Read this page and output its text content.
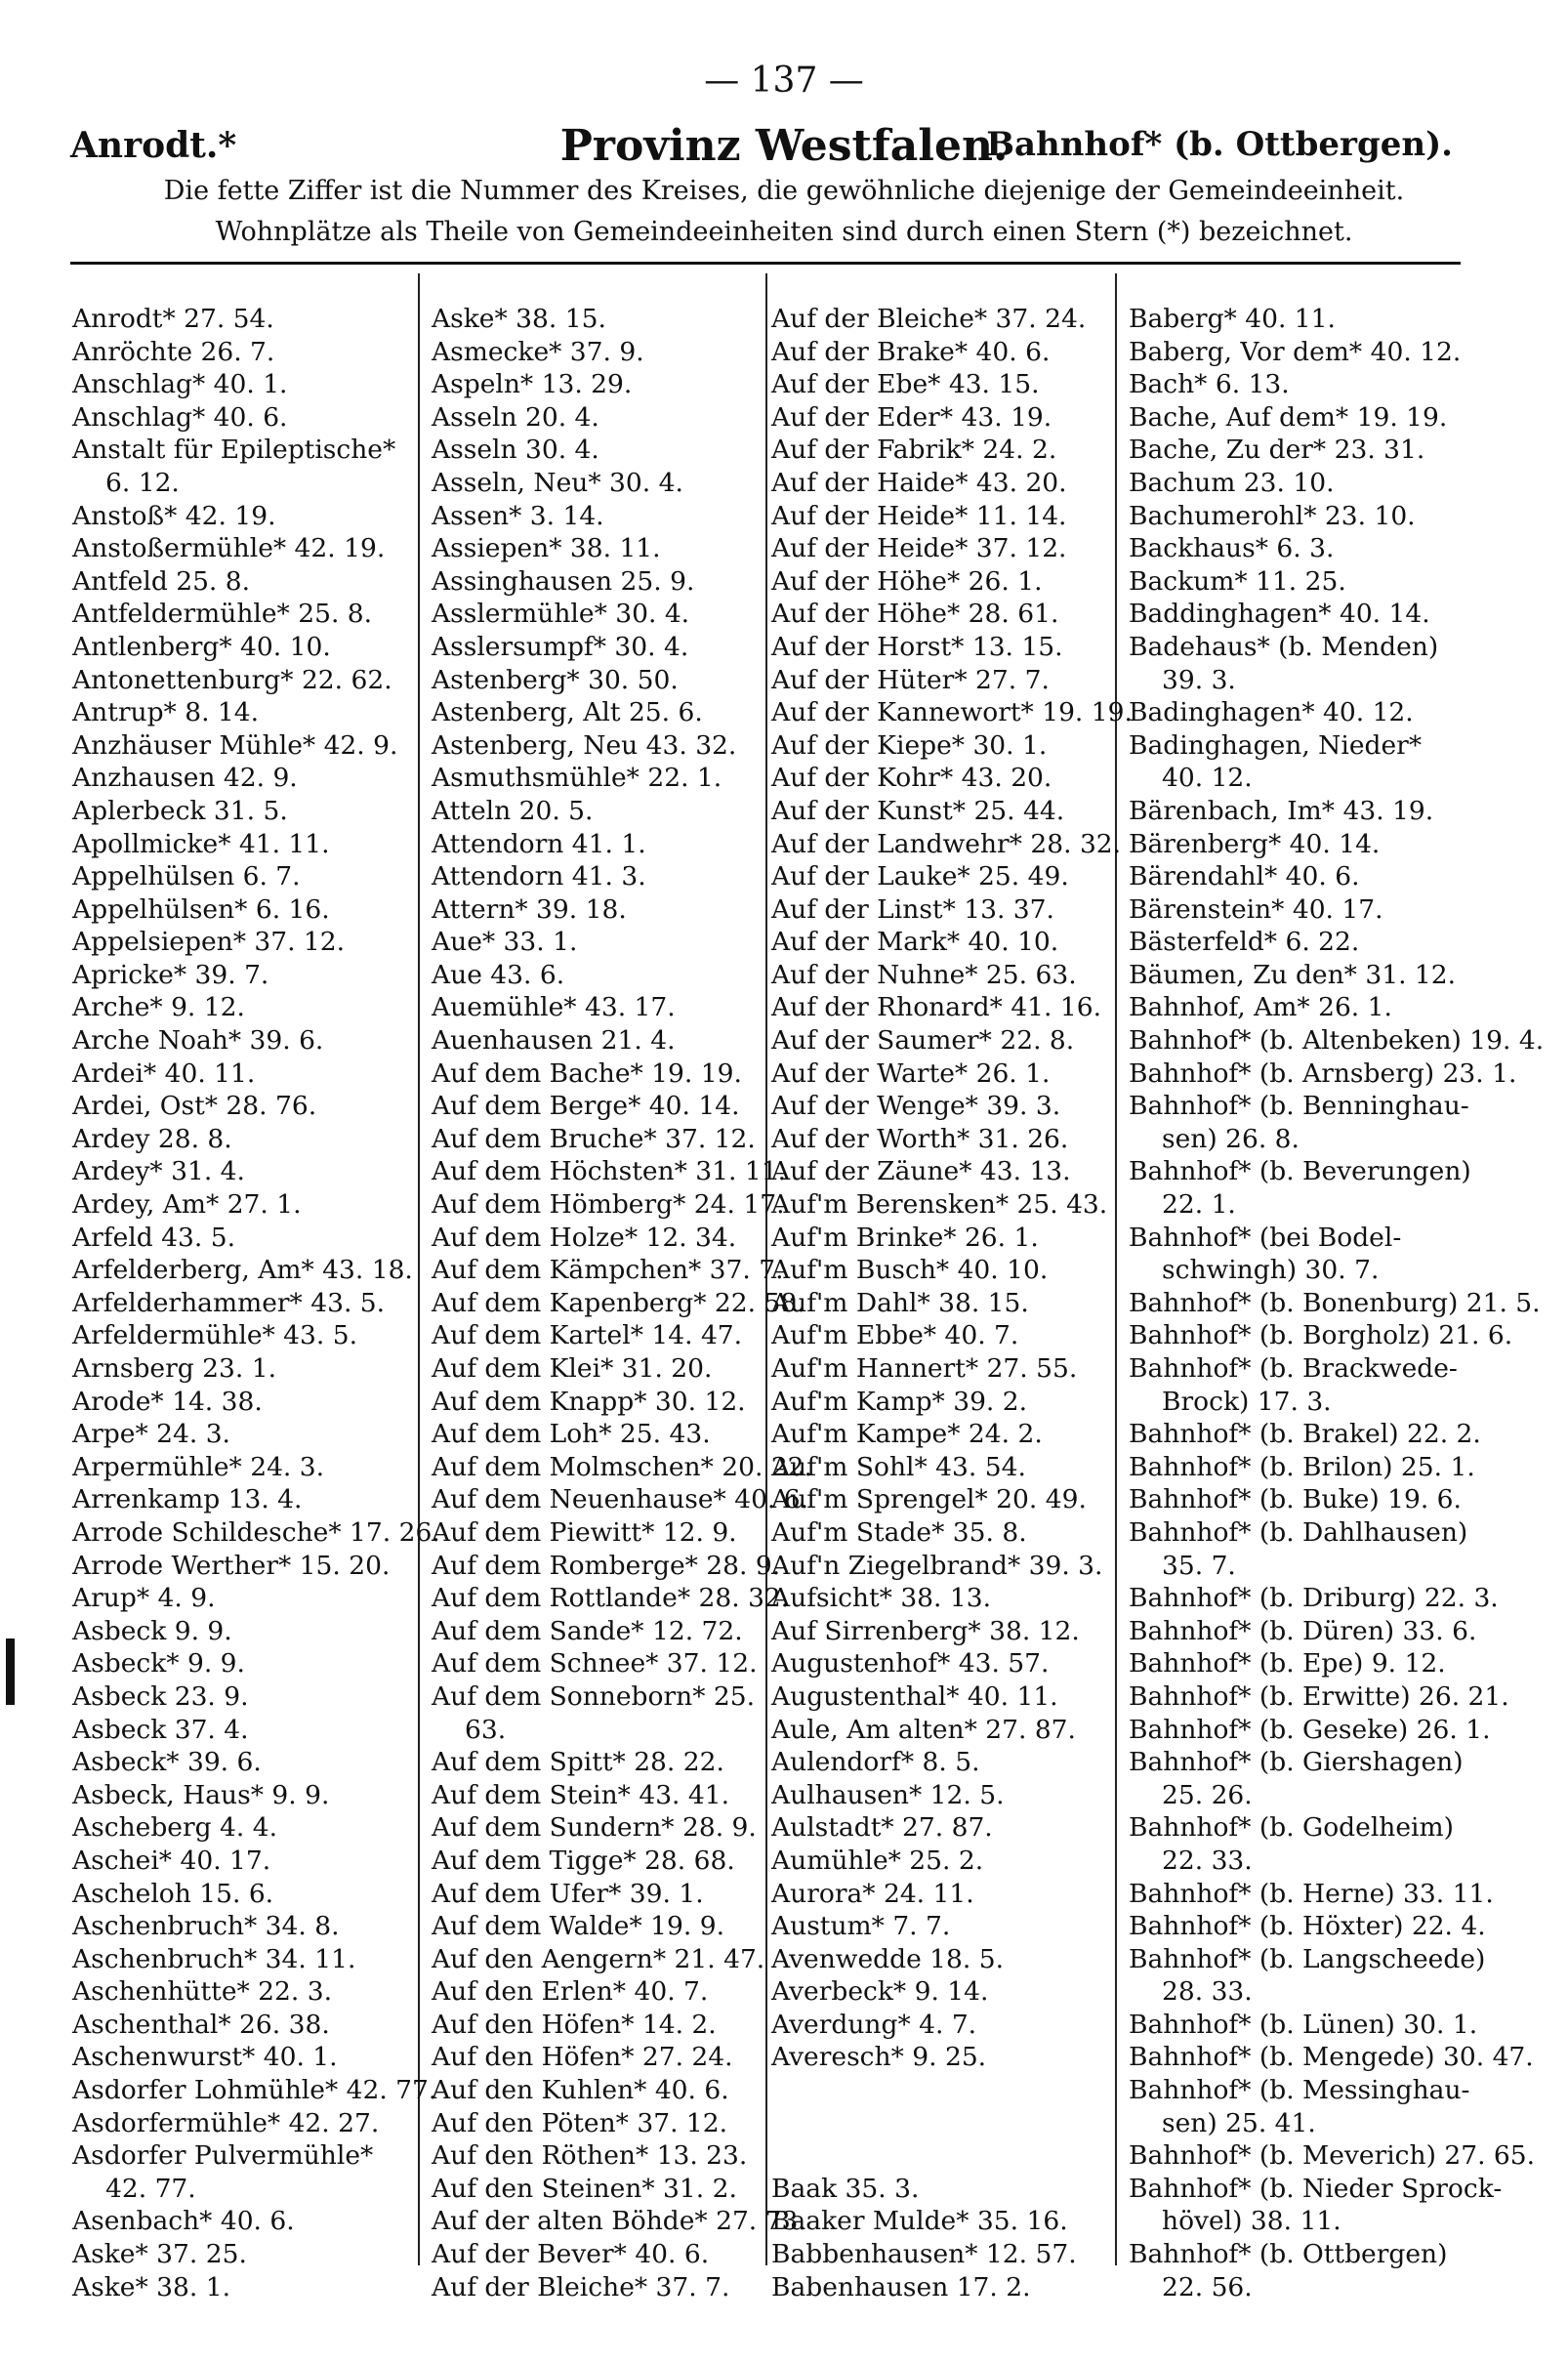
— 137 —
Anrodt.*	Provinz Westfalen.
Bahnhof* (b. Ottbergen).
Die fette Ziffer ist die Nummer des Kreises, die gewöhnliche diejenige der Gemeindeeinheit.
Wohnplätze als Theile von Gemeindeeinheiten sind durch einen Stern (*) bezeichnet.
Anrodt* 27. 54.
Anröchte 26. 7.
Anschlag* 40. 1.
Anschlag* 40. 6.
Anstalt für Epileptische*
6. 12.
Anstoß* 42. 19.
Anstoßermühle* 42. 19.
Antfeld 25. 8.
Antfeldermühle* 25. 8.
Antlenberg* 40. 10.
Antonettenburg* 22. 62.
Antrup* 8. 14.
Anzhäuser Mühle* 42. 9.
Anzhausen 42. 9.
Aplerbeck 31. 5.
Apollmicke* 41. 11.
Appelhülsen 6. 7.
Appelhülsen* 6. 16.
Appelsiepen* 37. 12.
Apricke* 39. 7.
Arche* 9. 12.
Arche Noah* 39. 6.
Ardei* 40. 11.
Ardei, Ost* 28. 76.
Ardey 28. 8.
Ardey* 31. 4.
Ardey, Am* 27. 1.
Arfeld 43. 5.
Arfelderberg, Am* 43. 18.
Arfelderhammer* 43. 5.
Arfeldermühle* 43. 5.
Arnsberg 23. 1.
Arode* 14. 38.
Arpe* 24. 3.
Arpermühle* 24. 3.
Arrenkamp 13. 4.
Arrode Schildesche* 17. 26.
Arrode Werther* 15. 20.
Arup* 4. 9.
Asbeck 9. 9.
Asbeck* 9. 9.
Asbeck 23. 9.
Asbeck 37. 4.
Asbeck* 39. 6.
Asbeck, Haus* 9. 9.
Ascheberg 4. 4.
Aschei* 40. 17.
Ascheloh 15. 6.
Aschenbruch* 34. 8.
Aschenbruch* 34. 11.
Aschenhütte* 22. 3.
Aschenthal* 26. 38.
Aschenwurst* 40. 1.
Asdorfer Lohmühle* 42. 77.
Asdorfermühle* 42. 27.
Asdorfer Pulvermühle*
42. 77.
Asenbach* 40. 6.
Aske* 37. 25.
Aske* 38. 1.
Aske* 38. 15.
Asmecke* 37. 9.
Aspeln* 13. 29.
Asseln 20. 4.
Asseln 30. 4.
Asseln, Neu* 30. 4.
Assen* 3. 14.
Assiepen* 38. 11.
Assinghausen 25. 9.
Asslermühle* 30. 4.
Asslersumpf* 30. 4.
Astenberg* 30. 50.
Astenberg, Alt 25. 6.
Astenberg, Neu 43. 32.
Asmuthsmühle* 22. 1.
Atteln 20. 5.
Attendorn 41. 1.
Attendorn 41. 3.
Attern* 39. 18.
Aue* 33. 1.
Aue 43. 6.
Auemühle* 43. 17.
Auenhausen 21. 4.
Auf dem Bache* 19. 19.
Auf dem Berge* 40. 14.
Auf dem Bruche* 37. 12.
Auf dem Höchsten* 31. 11.
Auf dem Hömberg* 24. 17.
Auf dem Holze* 12. 34.
Auf dem Kämpchen* 37. 7.
Auf dem Kapenberg* 22. 58.
Auf dem Kartel* 14. 47.
Auf dem Klei* 31. 20.
Auf dem Knapp* 30. 12.
Auf dem Loh* 25. 43.
Auf dem Molmschen* 20. 22.
Auf dem Neuenhause* 40. 6.
Auf dem Piewitt* 12. 9.
Auf dem Romberge* 28. 9.
Auf dem Rottlande* 28. 32.
Auf dem Sande* 12. 72.
Auf dem Schnee* 37. 12.
Auf dem Sonneborn* 25.
63.
Auf dem Spitt* 28. 22.
Auf dem Stein* 43. 41.
Auf dem Sundern* 28. 9.
Auf dem Tigge* 28. 68.
Auf dem Ufer* 39. 1.
Auf dem Walde* 19. 9.
Auf den Aengern* 21. 47.
Auf den Erlen* 40. 7.
Auf den Höfen* 14. 2.
Auf den Höfen* 27. 24.
Auf den Kuhlen* 40. 6.
Auf den Pöten* 37. 12.
Auf den Röthen* 13. 23.
Auf den Steinen* 31. 2.
Auf der alten Böhde* 27. 73.
Auf der Bever* 40. 6.
Auf der Bleiche* 37. 7.
Auf der Bleiche* 37. 24.
Auf der Brake* 40. 6.
Auf der Ebe* 43. 15.
Auf der Eder* 43. 19.
Auf der Fabrik* 24. 2.
Auf der Haide* 43. 20.
Auf der Heide* 11. 14.
Auf der Heide* 37. 12.
Auf der Höhe* 26. 1.
Auf der Höhe* 28. 61.
Auf der Horst* 13. 15.
Auf der Hüter* 27. 7.
Auf der Kannewort* 19. 19.
Auf der Kiepe* 30. 1.
Auf der Kohr* 43. 20.
Auf der Kunst* 25. 44.
Auf der Landwehr* 28. 32.
Auf der Lauke* 25. 49.
Auf der Linst* 13. 37.
Auf der Mark* 40. 10.
Auf der Nuhne* 25. 63.
Auf der Rhonard* 41. 16.
Auf der Saumer* 22. 8.
Auf der Warte* 26. 1.
Auf der Wenge* 39. 3.
Auf der Worth* 31. 26.
Auf der Zäune* 43. 13.
Auf'm Berensken* 25. 43.
Auf'm Brinke* 26. 1.
Auf'm Busch* 40. 10.
Auf'm Dahl* 38. 15.
Auf'm Ebbe* 40. 7.
Auf'm Hannert* 27. 55.
Auf'm Kamp* 39. 2.
Auf'm Kampe* 24. 2.
Auf'm Sohl* 43. 54.
Auf'm Sprengel* 20. 49.
Auf'm Stade* 35. 8.
Auf'n Ziegelbrand* 39. 3.
Aufsicht* 38. 13.
Auf Sirrenberg* 38. 12.
Augustenhof* 43. 57.
Augustenthal* 40. 11.
Aule, Am alten* 27. 87.
Aulendorf* 8. 5.
Aulhausen* 12. 5.
Aulstadt* 27. 87.
Aumühle* 25. 2.
Aurora* 24. 11.
Austum* 7. 7.
Avenwedde 18. 5.
Averbeck* 9. 14.
Averdung* 4. 7.
Averesch* 9. 25.
Baak 35. 3.
Baaker Mulde* 35. 16.
Babbenhausen* 12. 57.
Babenhausen 17. 2.
Baberg* 40. 11.
Baberg, Vor dem* 40. 12.
Bach* 6. 13.
Bache, Auf dem* 19. 19.
Bache, Zu der* 23. 31.
Bachum 23. 10.
Bachumerohl* 23. 10.
Backhaus* 6. 3.
Backum* 11. 25.
Baddinghagen* 40. 14.
Badehaus* (b. Menden)
39. 3.
Badinghagen* 40. 12.
Badinghagen, Nieder*
40. 12.
Bärenbach, Im* 43. 19.
Bärenberg* 40. 14.
Bärendahl* 40. 6.
Bärenstein* 40. 17.
Bästerfeld* 6. 22.
Bäumen, Zu den* 31. 12.
Bahnhof, Am* 26. 1.
Bahnhof* (b. Altenbeken) 19. 4.
Bahnhof* (b. Arnsberg) 23. 1.
Bahnhof* (b. Benninghau-
sen) 26. 8.
Bahnhof* (b. Beverungen)
22. 1.
Bahnhof* (bei Bodel-
schwingh) 30. 7.
Bahnhof* (b. Bonenburg) 21. 5.
Bahnhof* (b. Borgholz) 21. 6.
Bahnhof* (b. Brackwede-
Brock) 17. 3.
Bahnhof* (b. Brakel) 22. 2.
Bahnhof* (b. Brilon) 25. 1.
Bahnhof* (b. Buke) 19. 6.
Bahnhof* (b. Dahlhausen)
35. 7.
Bahnhof* (b. Driburg) 22. 3.
Bahnhof* (b. Düren) 33. 6.
Bahnhof* (b. Epe) 9. 12.
Bahnhof* (b. Erwitte) 26. 21.
Bahnhof* (b. Geseke) 26. 1.
Bahnhof* (b. Giershagen)
25. 26.
Bahnhof* (b. Godelheim)
22. 33.
Bahnhof* (b. Herne) 33. 11.
Bahnhof* (b. Höxter) 22. 4.
Bahnhof* (b. Langscheede)
28. 33.
Bahnhof* (b. Lünen) 30. 1.
Bahnhof* (b. Mengede) 30. 47.
Bahnhof* (b. Messinghau-
sen) 25. 41.
Bahnhof* (b. Meverich) 27. 65.
Bahnhof* (b. Nieder Sprock-
hövel) 38. 11.
Bahnhof* (b. Ottbergen)
22. 56.
